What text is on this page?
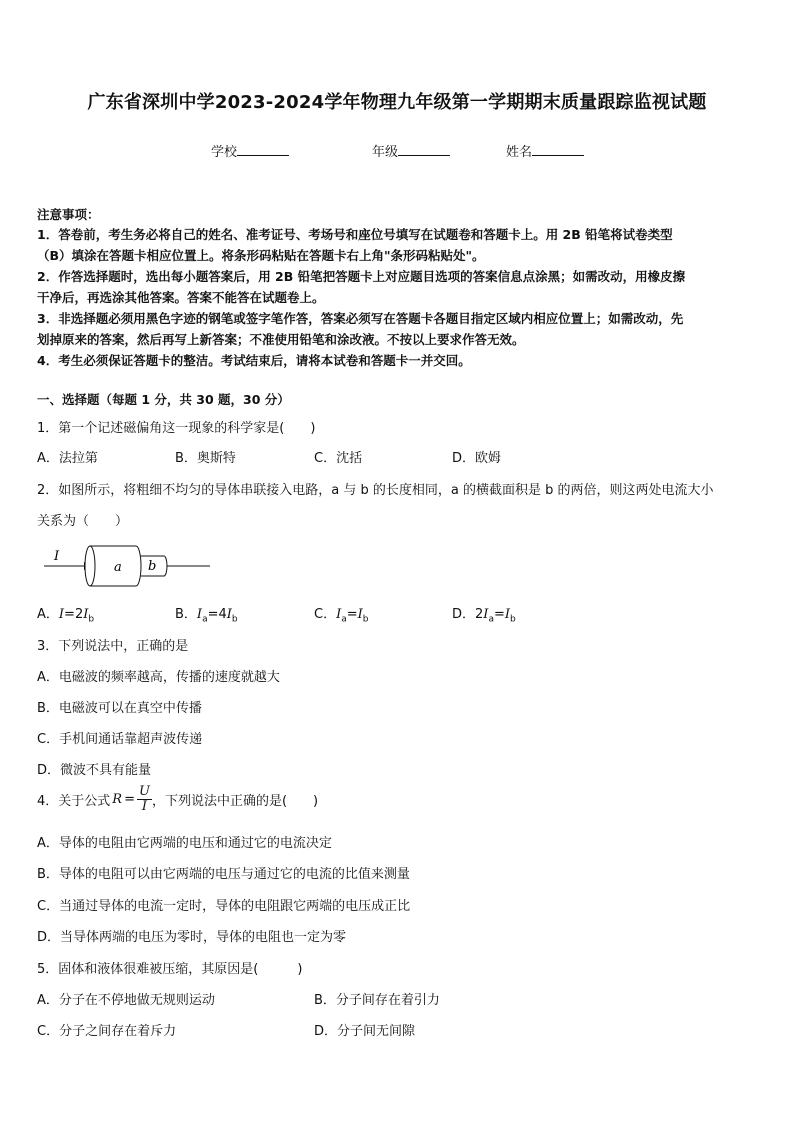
广东省深圳中学2023-2024学年物理九年级第一学期期末质量跟踪监视试题
学校	年级	姓名
注意事项：
1．答卷前，考生务必将自己的姓名、准考证号、考场号和座位号填写在试题卷和答题卡上。用 2B 铅笔将试卷类型
（B）填涂在答题卡相应位置上。将条形码粘贴在答题卡右上角"条形码粘贴处"。
2．作答选择题时，选出每小题答案后，用 2B 铅笔把答题卡上对应题目选项的答案信息点涂黑；如需改动，用橡皮擦
干净后，再选涂其他答案。答案不能答在试题卷上。
3．非选择题必须用黑色字迹的钢笔或签字笔作答，答案必须写在答题卡各题目指定区域内相应位置上；如需改动，先
划掉原来的答案，然后再写上新答案；不准使用铅笔和涂改液。不按以上要求作答无效。
4．考生必须保证答题卡的整洁。考试结束后，请将本试卷和答题卡一并交回。
一、选择题（每题 1 分，共 30 题，30 分）
1．第一个记述磁偏角这一现象的科学家是(　　)
A．法拉第	B．奥斯特	C．沈括	D．欧姆
2．如图所示，将粗细不均匀的导体串联接入电路，a 与 b 的长度相同，a 的横截面积是 b 的两倍，则这两处电流大小
关系为（　　）
I
a b
A．$I=2I_b$	B．$I_a=4I_b$	C．$I_a=I_b$	D．$2I_a=I_b$
3．下列说法中，正确的是
A．电磁波的频率越高，传播的速度就越大
B．电磁波可以在真空中传播
C．手机间通话靠超声波传递
D．微波不具有能量
4．关于公式 $R = \frac{U}{I}$ ，下列说法中正确的是(　　)
A．导体的电阻由它两端的电压和通过它的电流决定
B．导体的电阻可以由它两端的电压与通过它的电流的比值来测量
C．当通过导体的电流一定时，导体的电阻跟它两端的电压成正比
D．当导体两端的电压为零时，导体的电阻也一定为零
5．固体和液体很难被压缩，其原因是(　　　)
A．分子在不停地做无规则运动	B．分子间存在着引力
C．分子之间存在着斥力	D．分子间无间隙
